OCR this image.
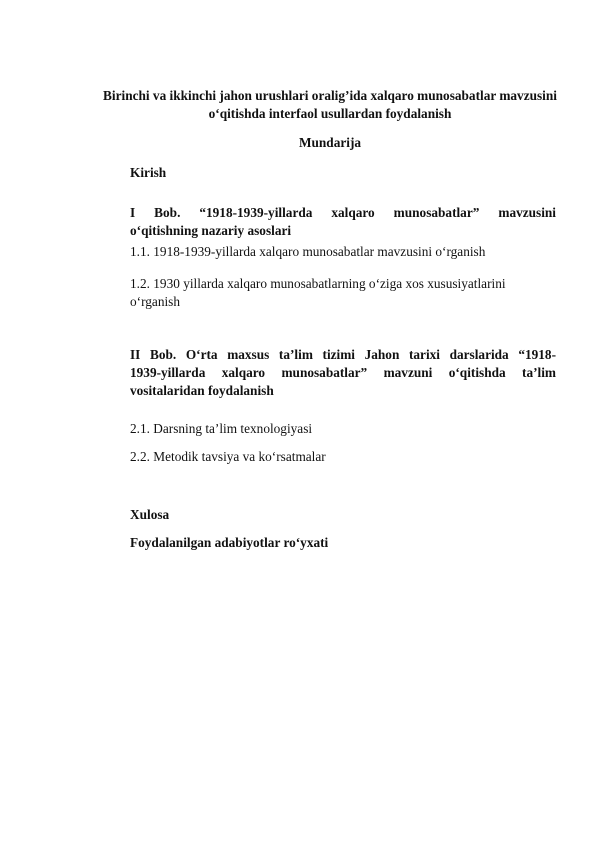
Birinchi va ikkinchi jahon urushlari oralig’ida xalqaro munosabatlar mavzusini
o‘qitishda interfaol usullardan foydalanish
Mundarija
Kirish
I Bob. “1918-1939-yillarda xalqaro munosabatlar” mavzusini
o‘qitishning nazariy asoslari
1.1. 1918-1939-yillarda xalqaro munosabatlar mavzusini o‘rganish
1.2. 1930 yillarda xalqaro munosabatlarning o‘ziga xos xususiyatlarini
o‘rganish
II Bob. O‘rta maxsus ta’lim tizimi Jahon tarixi darslarida “1918-
1939-yillarda xalqaro munosabatlar” mavzuni o‘qitishda ta’lim
vositalaridan foydalanish
2.1. Darsning ta’lim texnologiyasi
2.2. Metodik tavsiya va ko‘rsatmalar
Xulosa
Foydalanilgan adabiyotlar ro‘yxati
